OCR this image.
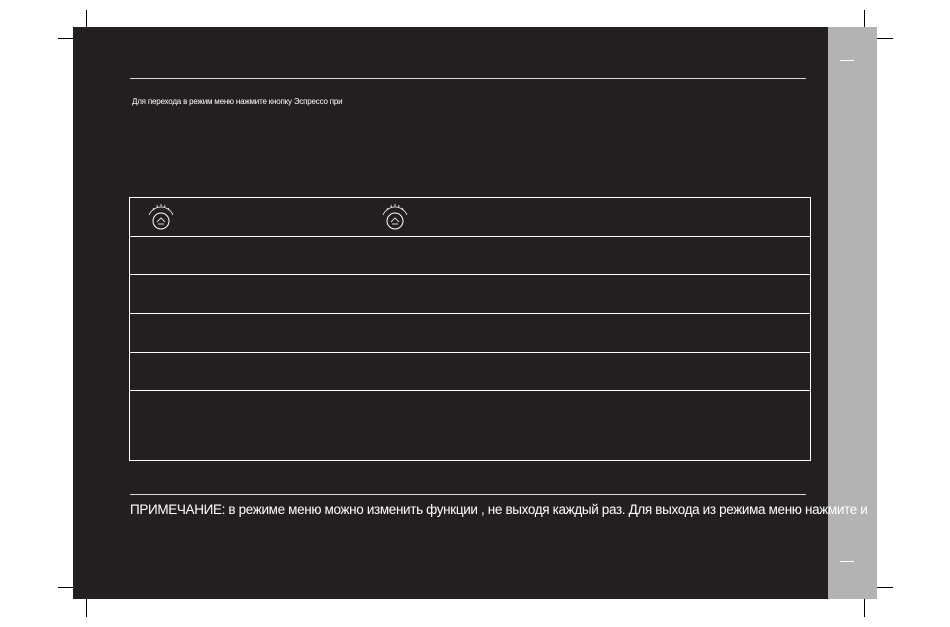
Для перехода в режим меню нажмите кнопку Эспрессо при
ПРИМЕЧАНИЕ: в режиме меню можно изменить функции , не выходя каждый раз. Для выхода из режима меню нажмите и
